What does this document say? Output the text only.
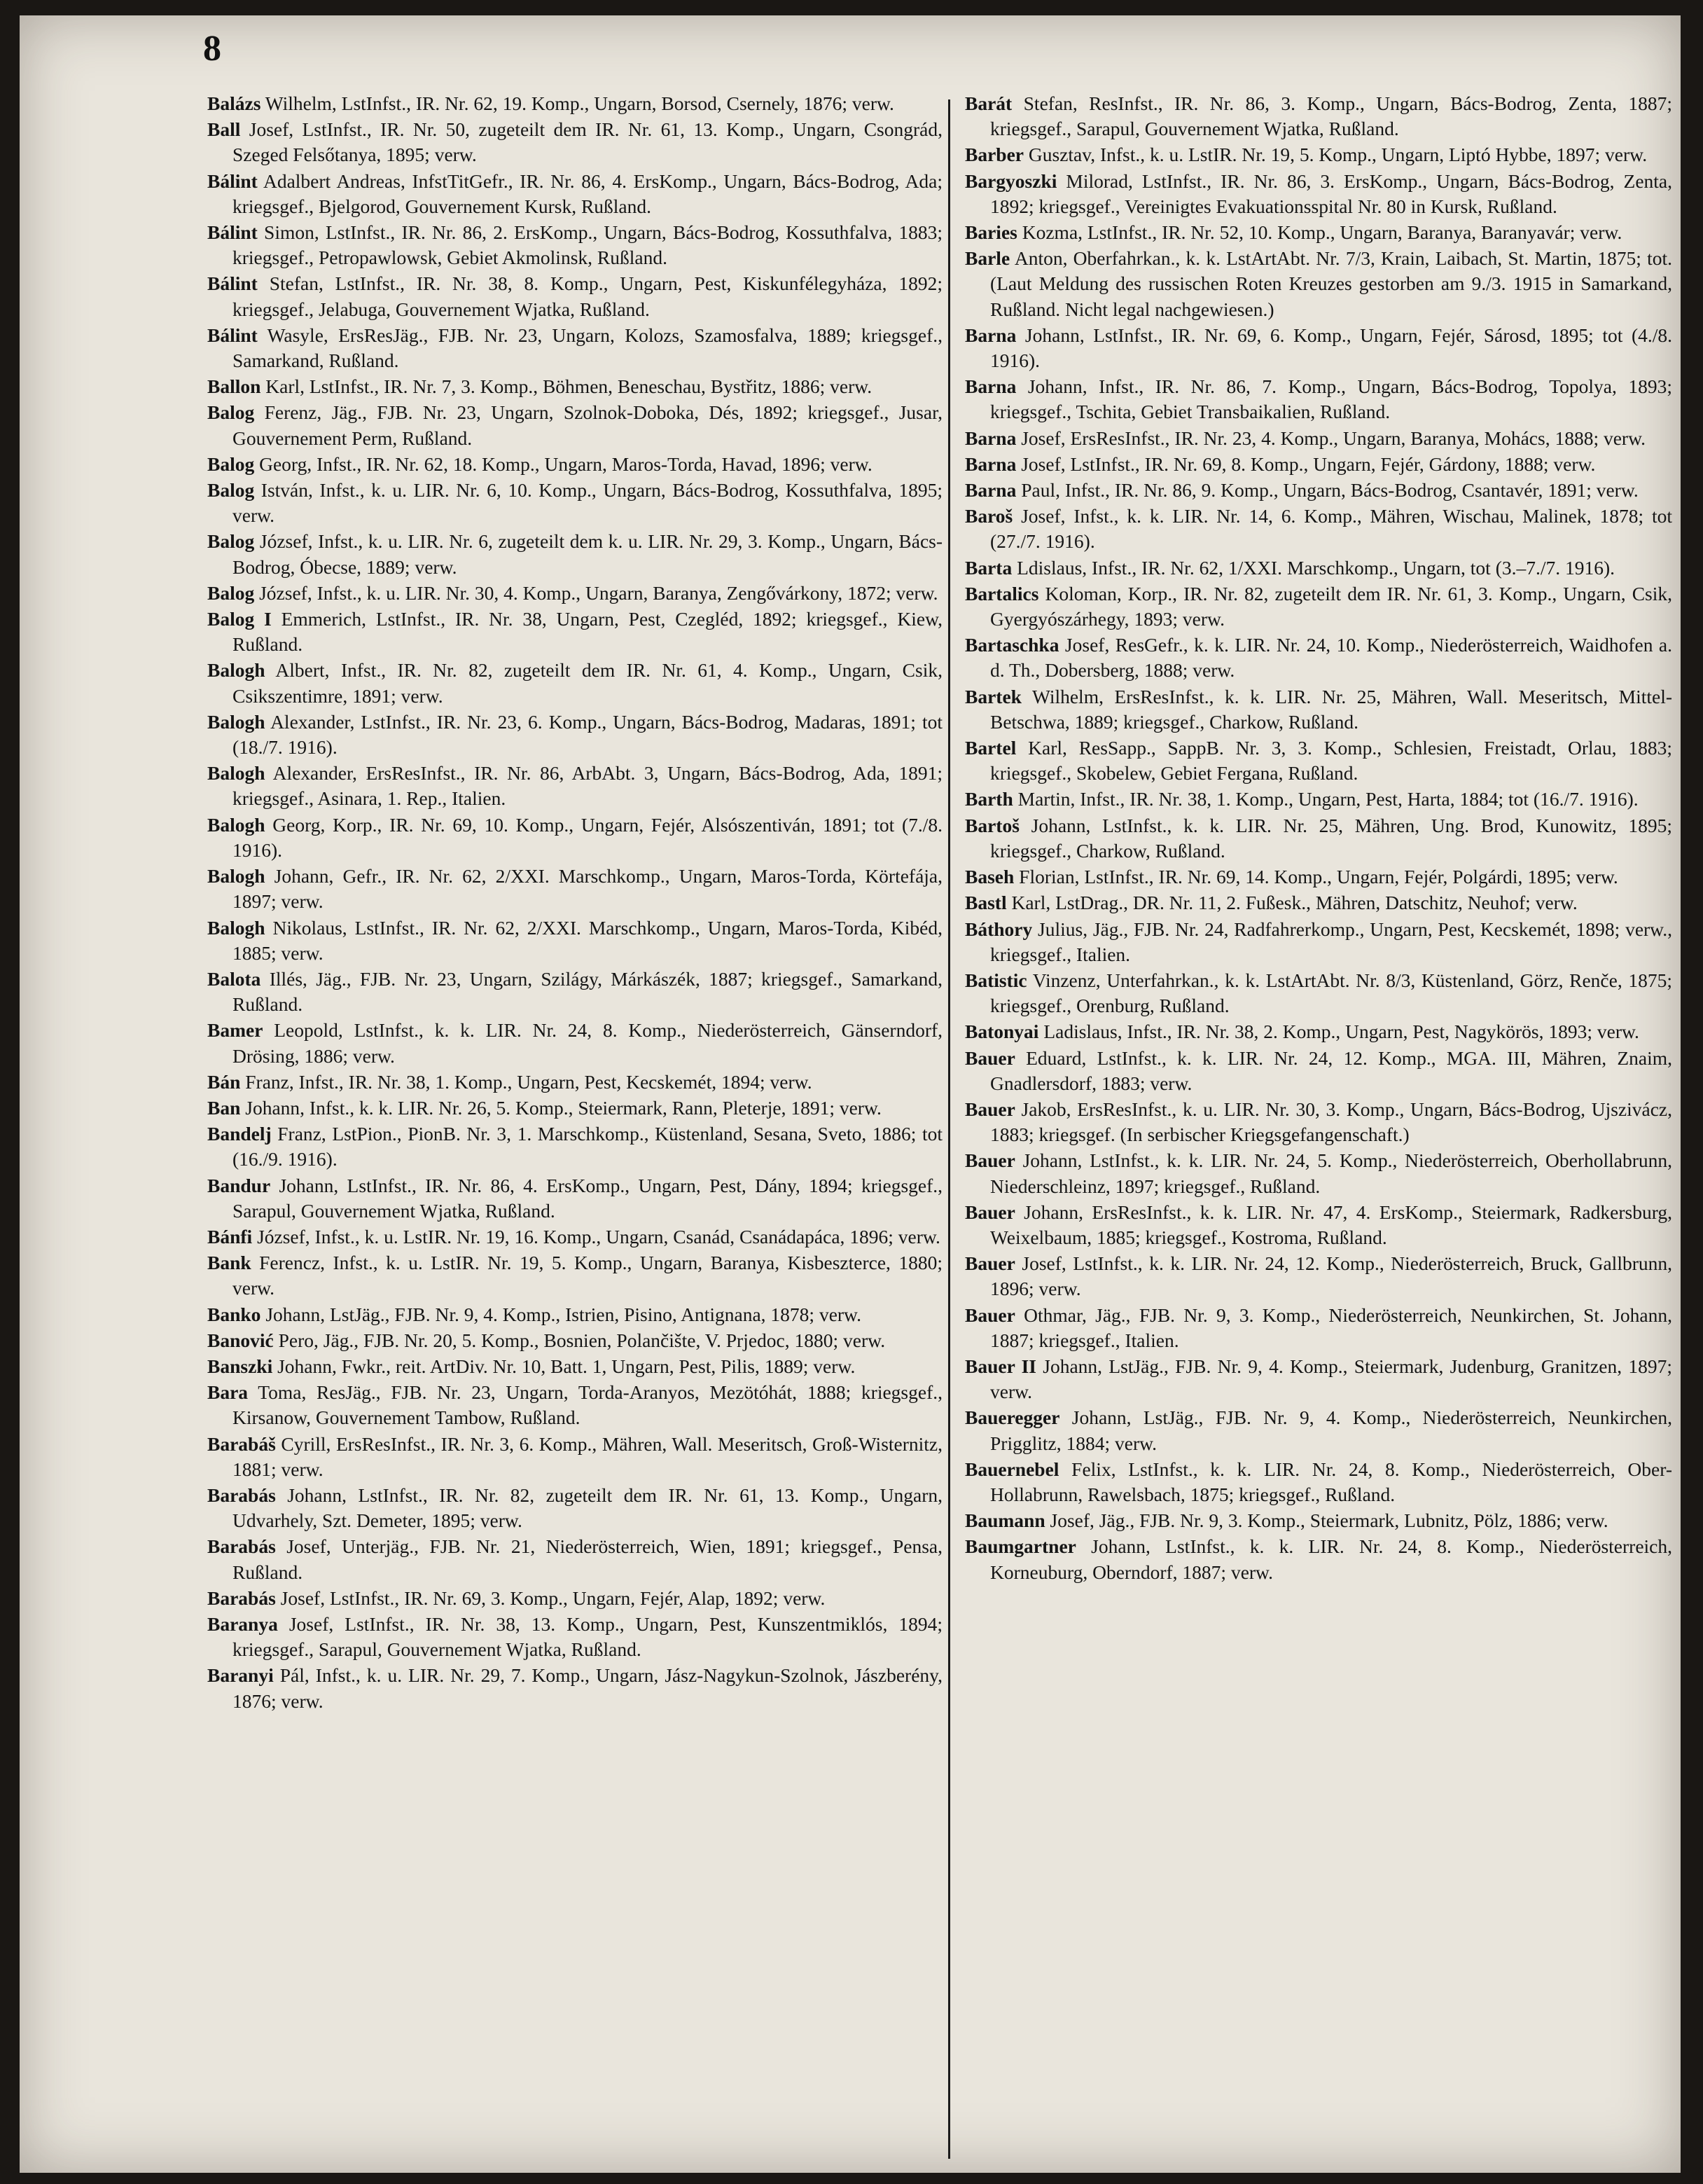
8

Balázs Wilhelm, LstInfst., IR. Nr. 62, 19. Komp., Ungarn, Borsod, Csernely, 1876; verw.

Ball Josef, LstInfst., IR. Nr. 50, zugeteilt dem IR. Nr. 61, 13. Komp., Ungarn, Csongrád, Szeged Felsőtanya, 1895; verw.

Bálint Adalbert Andreas, InfstTitGefr., IR. Nr. 86, 4. ErsKomp., Ungarn, Bács-Bodrog, Ada; kriegsgef., Bjelgorod, Gouvernement Kursk, Rußland.

Bálint Simon, LstInfst., IR. Nr. 86, 2. ErsKomp., Ungarn, Bács-Bodrog, Kossuthfalva, 1883; kriegsgef., Petropawlowsk, Gebiet Akmolinsk, Rußland.

Bálint Stefan, LstInfst., IR. Nr. 38, 8. Komp., Ungarn, Pest, Kiskunfélegyháza, 1892; kriegsgef., Jelabuga, Gouvernement Wjatka, Rußland.

Bálint Wasyle, ErsResJäg., FJB. Nr. 23, Ungarn, Kolozs, Szamosfalva, 1889; kriegsgef., Samarkand, Rußland.

Ballon Karl, LstInfst., IR. Nr. 7, 3. Komp., Böhmen, Beneschau, Bystřitz, 1886; verw.

Balog Ferenz, Jäg., FJB. Nr. 23, Ungarn, Szolnok-Doboka, Dés, 1892; kriegsgef., Jusar, Gouvernement Perm, Rußland.

Balog Georg, Infst., IR. Nr. 62, 18. Komp., Ungarn, Maros-Torda, Havad, 1896; verw.

Balog István, Infst., k. u. LIR. Nr. 6, 10. Komp., Ungarn, Bács-Bodrog, Kossuthfalva, 1895; verw.

Balog József, Infst., k. u. LIR. Nr. 6, zugeteilt dem k. u. LIR. Nr. 29, 3. Komp., Ungarn, Bács-Bodrog, Óbecse, 1889; verw.

Balog József, Infst., k. u. LIR. Nr. 30, 4. Komp., Ungarn, Baranya, Zengővárkony, 1872; verw.

Balog I Emmerich, LstInfst., IR. Nr. 38, Ungarn, Pest, Czegléd, 1892; kriegsgef., Kiew, Rußland.

Balogh Albert, Infst., IR. Nr. 82, zugeteilt dem IR. Nr. 61, 4. Komp., Ungarn, Csik, Csikszentimre, 1891; verw.

Balogh Alexander, LstInfst., IR. Nr. 23, 6. Komp., Ungarn, Bács-Bodrog, Madaras, 1891; tot (18./7. 1916).

Balogh Alexander, ErsResInfst., IR. Nr. 86, ArbAbt. 3, Ungarn, Bács-Bodrog, Ada, 1891; kriegsgef., Asinara, 1. Rep., Italien.

Balogh Georg, Korp., IR. Nr. 69, 10. Komp., Ungarn, Fejér, Alsószentiván, 1891; tot (7./8. 1916).

Balogh Johann, Gefr., IR. Nr. 62, 2/XXI. Marschkomp., Ungarn, Maros-Torda, Körtefája, 1897; verw.

Balogh Nikolaus, LstInfst., IR. Nr. 62, 2/XXI. Marschkomp., Ungarn, Maros-Torda, Kibéd, 1885; verw.

Balota Illés, Jäg., FJB. Nr. 23, Ungarn, Szilágy, Márkászék, 1887; kriegsgef., Samarkand, Rußland.

Bamer Leopold, LstInfst., k. k. LIR. Nr. 24, 8. Komp., Niederösterreich, Gänserndorf, Drösing, 1886; verw.

Bán Franz, Infst., IR. Nr. 38, 1. Komp., Ungarn, Pest, Kecskemét, 1894; verw.

Ban Johann, Infst., k. k. LIR. Nr. 26, 5. Komp., Steiermark, Rann, Pleterje, 1891; verw.

Bandelj Franz, LstPion., PionB. Nr. 3, 1. Marschkomp., Küstenland, Sesana, Sveto, 1886; tot (16./9. 1916).

Bandur Johann, LstInfst., IR. Nr. 86, 4. ErsKomp., Ungarn, Pest, Dány, 1894; kriegsgef., Sarapul, Gouvernement Wjatka, Rußland.

Bánfi József, Infst., k. u. LstIR. Nr. 19, 16. Komp., Ungarn, Csanád, Csanádapáca, 1896; verw.

Bank Ferencz, Infst., k. u. LstIR. Nr. 19, 5. Komp., Ungarn, Baranya, Kisbeszterce, 1880; verw.

Banko Johann, LstJäg., FJB. Nr. 9, 4. Komp., Istrien, Pisino, Antignana, 1878; verw.

Banović Pero, Jäg., FJB. Nr. 20, 5. Komp., Bosnien, Polančište, V. Prjedoc, 1880; verw.

Banszki Johann, Fwkr., reit. ArtDiv. Nr. 10, Batt. 1, Ungarn, Pest, Pilis, 1889; verw.

Bara Toma, ResJäg., FJB. Nr. 23, Ungarn, Torda-Aranyos, Mezötóhát, 1888; kriegsgef., Kirsanow, Gouvernement Tambow, Rußland.

Barabáš Cyrill, ErsResInfst., IR. Nr. 3, 6. Komp., Mähren, Wall. Meseritsch, Groß-Wisternitz, 1881; verw.

Barabás Johann, LstInfst., IR. Nr. 82, zugeteilt dem IR. Nr. 61, 13. Komp., Ungarn, Udvarhely, Szt. Demeter, 1895; verw.

Barabás Josef, Unterjäg., FJB. Nr. 21, Niederösterreich, Wien, 1891; kriegsgef., Pensa, Rußland.

Barabás Josef, LstInfst., IR. Nr. 69, 3. Komp., Ungarn, Fejér, Alap, 1892; verw.

Baranya Josef, LstInfst., IR. Nr. 38, 13. Komp., Ungarn, Pest, Kunszentmiklós, 1894; kriegsgef., Sarapul, Gouvernement Wjatka, Rußland.

Baranyi Pál, Infst., k. u. LIR. Nr. 29, 7. Komp., Ungarn, Jász-Nagykun-Szolnok, Jászberény, 1876; verw.

Barát Stefan, ResInfst., IR. Nr. 86, 3. Komp., Ungarn, Bács-Bodrog, Zenta, 1887; kriegsgef., Sarapul, Gouvernement Wjatka, Rußland.

Barber Gusztav, Infst., k. u. LstIR. Nr. 19, 5. Komp., Ungarn, Liptó Hybbe, 1897; verw.

Bargyoszki Milorad, LstInfst., IR. Nr. 86, 3. ErsKomp., Ungarn, Bács-Bodrog, Zenta, 1892; kriegsgef., Vereinigtes Evakuationsspital Nr. 80 in Kursk, Rußland.

Baries Kozma, LstInfst., IR. Nr. 52, 10. Komp., Ungarn, Baranya, Baranyavár; verw.

Barle Anton, Oberfahrkan., k. k. LstArtAbt. Nr. 7/3, Krain, Laibach, St. Martin, 1875; tot. (Laut Meldung des russischen Roten Kreuzes gestorben am 9./3. 1915 in Samarkand, Rußland. Nicht legal nachgewiesen.)

Barna Johann, LstInfst., IR. Nr. 69, 6. Komp., Ungarn, Fejér, Sárosd, 1895; tot (4./8. 1916).

Barna Johann, Infst., IR. Nr. 86, 7. Komp., Ungarn, Bács-Bodrog, Topolya, 1893; kriegsgef., Tschita, Gebiet Transbaikalien, Rußland.

Barna Josef, ErsResInfst., IR. Nr. 23, 4. Komp., Ungarn, Baranya, Mohács, 1888; verw.

Barna Josef, LstInfst., IR. Nr. 69, 8. Komp., Ungarn, Fejér, Gárdony, 1888; verw.

Barna Paul, Infst., IR. Nr. 86, 9. Komp., Ungarn, Bács-Bodrog, Csantavér, 1891; verw.

Baroš Josef, Infst., k. k. LIR. Nr. 14, 6. Komp., Mähren, Wischau, Malinek, 1878; tot (27./7. 1916).

Barta Ldislaus, Infst., IR. Nr. 62, 1/XXI. Marschkomp., Ungarn, tot (3.–7./7. 1916).

Bartalics Koloman, Korp., IR. Nr. 82, zugeteilt dem IR. Nr. 61, 3. Komp., Ungarn, Csik, Gyergyószárhegy, 1893; verw.

Bartaschka Josef, ResGefr., k. k. LIR. Nr. 24, 10. Komp., Niederösterreich, Waidhofen a. d. Th., Dobersberg, 1888; verw.

Bartek Wilhelm, ErsResInfst., k. k. LIR. Nr. 25, Mähren, Wall. Meseritsch, Mittel-Betschwa, 1889; kriegsgef., Charkow, Rußland.

Bartel Karl, ResSapp., SappB. Nr. 3, 3. Komp., Schlesien, Freistadt, Orlau, 1883; kriegsgef., Skobelew, Gebiet Fergana, Rußland.

Barth Martin, Infst., IR. Nr. 38, 1. Komp., Ungarn, Pest, Harta, 1884; tot (16./7. 1916).

Bartoš Johann, LstInfst., k. k. LIR. Nr. 25, Mähren, Ung. Brod, Kunowitz, 1895; kriegsgef., Charkow, Rußland.

Baseh Florian, LstInfst., IR. Nr. 69, 14. Komp., Ungarn, Fejér, Polgárdi, 1895; verw.

Bastl Karl, LstDrag., DR. Nr. 11, 2. Fußesk., Mähren, Datschitz, Neuhof; verw.

Báthory Julius, Jäg., FJB. Nr. 24, Radfahrerkomp., Ungarn, Pest, Kecskemét, 1898; verw., kriegsgef., Italien.

Batistic Vinzenz, Unterfahrkan., k. k. LstArtAbt. Nr. 8/3, Küstenland, Görz, Renče, 1875; kriegsgef., Orenburg, Rußland.

Batonyai Ladislaus, Infst., IR. Nr. 38, 2. Komp., Ungarn, Pest, Nagykörös, 1893; verw.

Bauer Eduard, LstInfst., k. k. LIR. Nr. 24, 12. Komp., MGA. III, Mähren, Znaim, Gnadlersdorf, 1883; verw.

Bauer Jakob, ErsResInfst., k. u. LIR. Nr. 30, 3. Komp., Ungarn, Bács-Bodrog, Ujszivácz, 1883; kriegsgef. (In serbischer Kriegsgefangenschaft.)

Bauer Johann, LstInfst., k. k. LIR. Nr. 24, 5. Komp., Niederösterreich, Oberhollabrunn, Niederschleinz, 1897; kriegsgef., Rußland.

Bauer Johann, ErsResInfst., k. k. LIR. Nr. 47, 4. ErsKomp., Steiermark, Radkersburg, Weixelbaum, 1885; kriegsgef., Kostroma, Rußland.

Bauer Josef, LstInfst., k. k. LIR. Nr. 24, 12. Komp., Niederösterreich, Bruck, Gallbrunn, 1896; verw.

Bauer Othmar, Jäg., FJB. Nr. 9, 3. Komp., Niederösterreich, Neunkirchen, St. Johann, 1887; kriegsgef., Italien.

Bauer II Johann, LstJäg., FJB. Nr. 9, 4. Komp., Steiermark, Judenburg, Granitzen, 1897; verw.

Baueregger Johann, LstJäg., FJB. Nr. 9, 4. Komp., Niederösterreich, Neunkirchen, Prigglitz, 1884; verw.

Bauernebel Felix, LstInfst., k. k. LIR. Nr. 24, 8. Komp., Niederösterreich, Ober-Hollabrunn, Rawelsbach, 1875; kriegsgef., Rußland.

Baumann Josef, Jäg., FJB. Nr. 9, 3. Komp., Steiermark, Lubnitz, Pölz, 1886; verw.

Baumgartner Johann, LstInfst., k. k. LIR. Nr. 24, 8. Komp., Niederösterreich, Korneuburg, Oberndorf, 1887; verw.
